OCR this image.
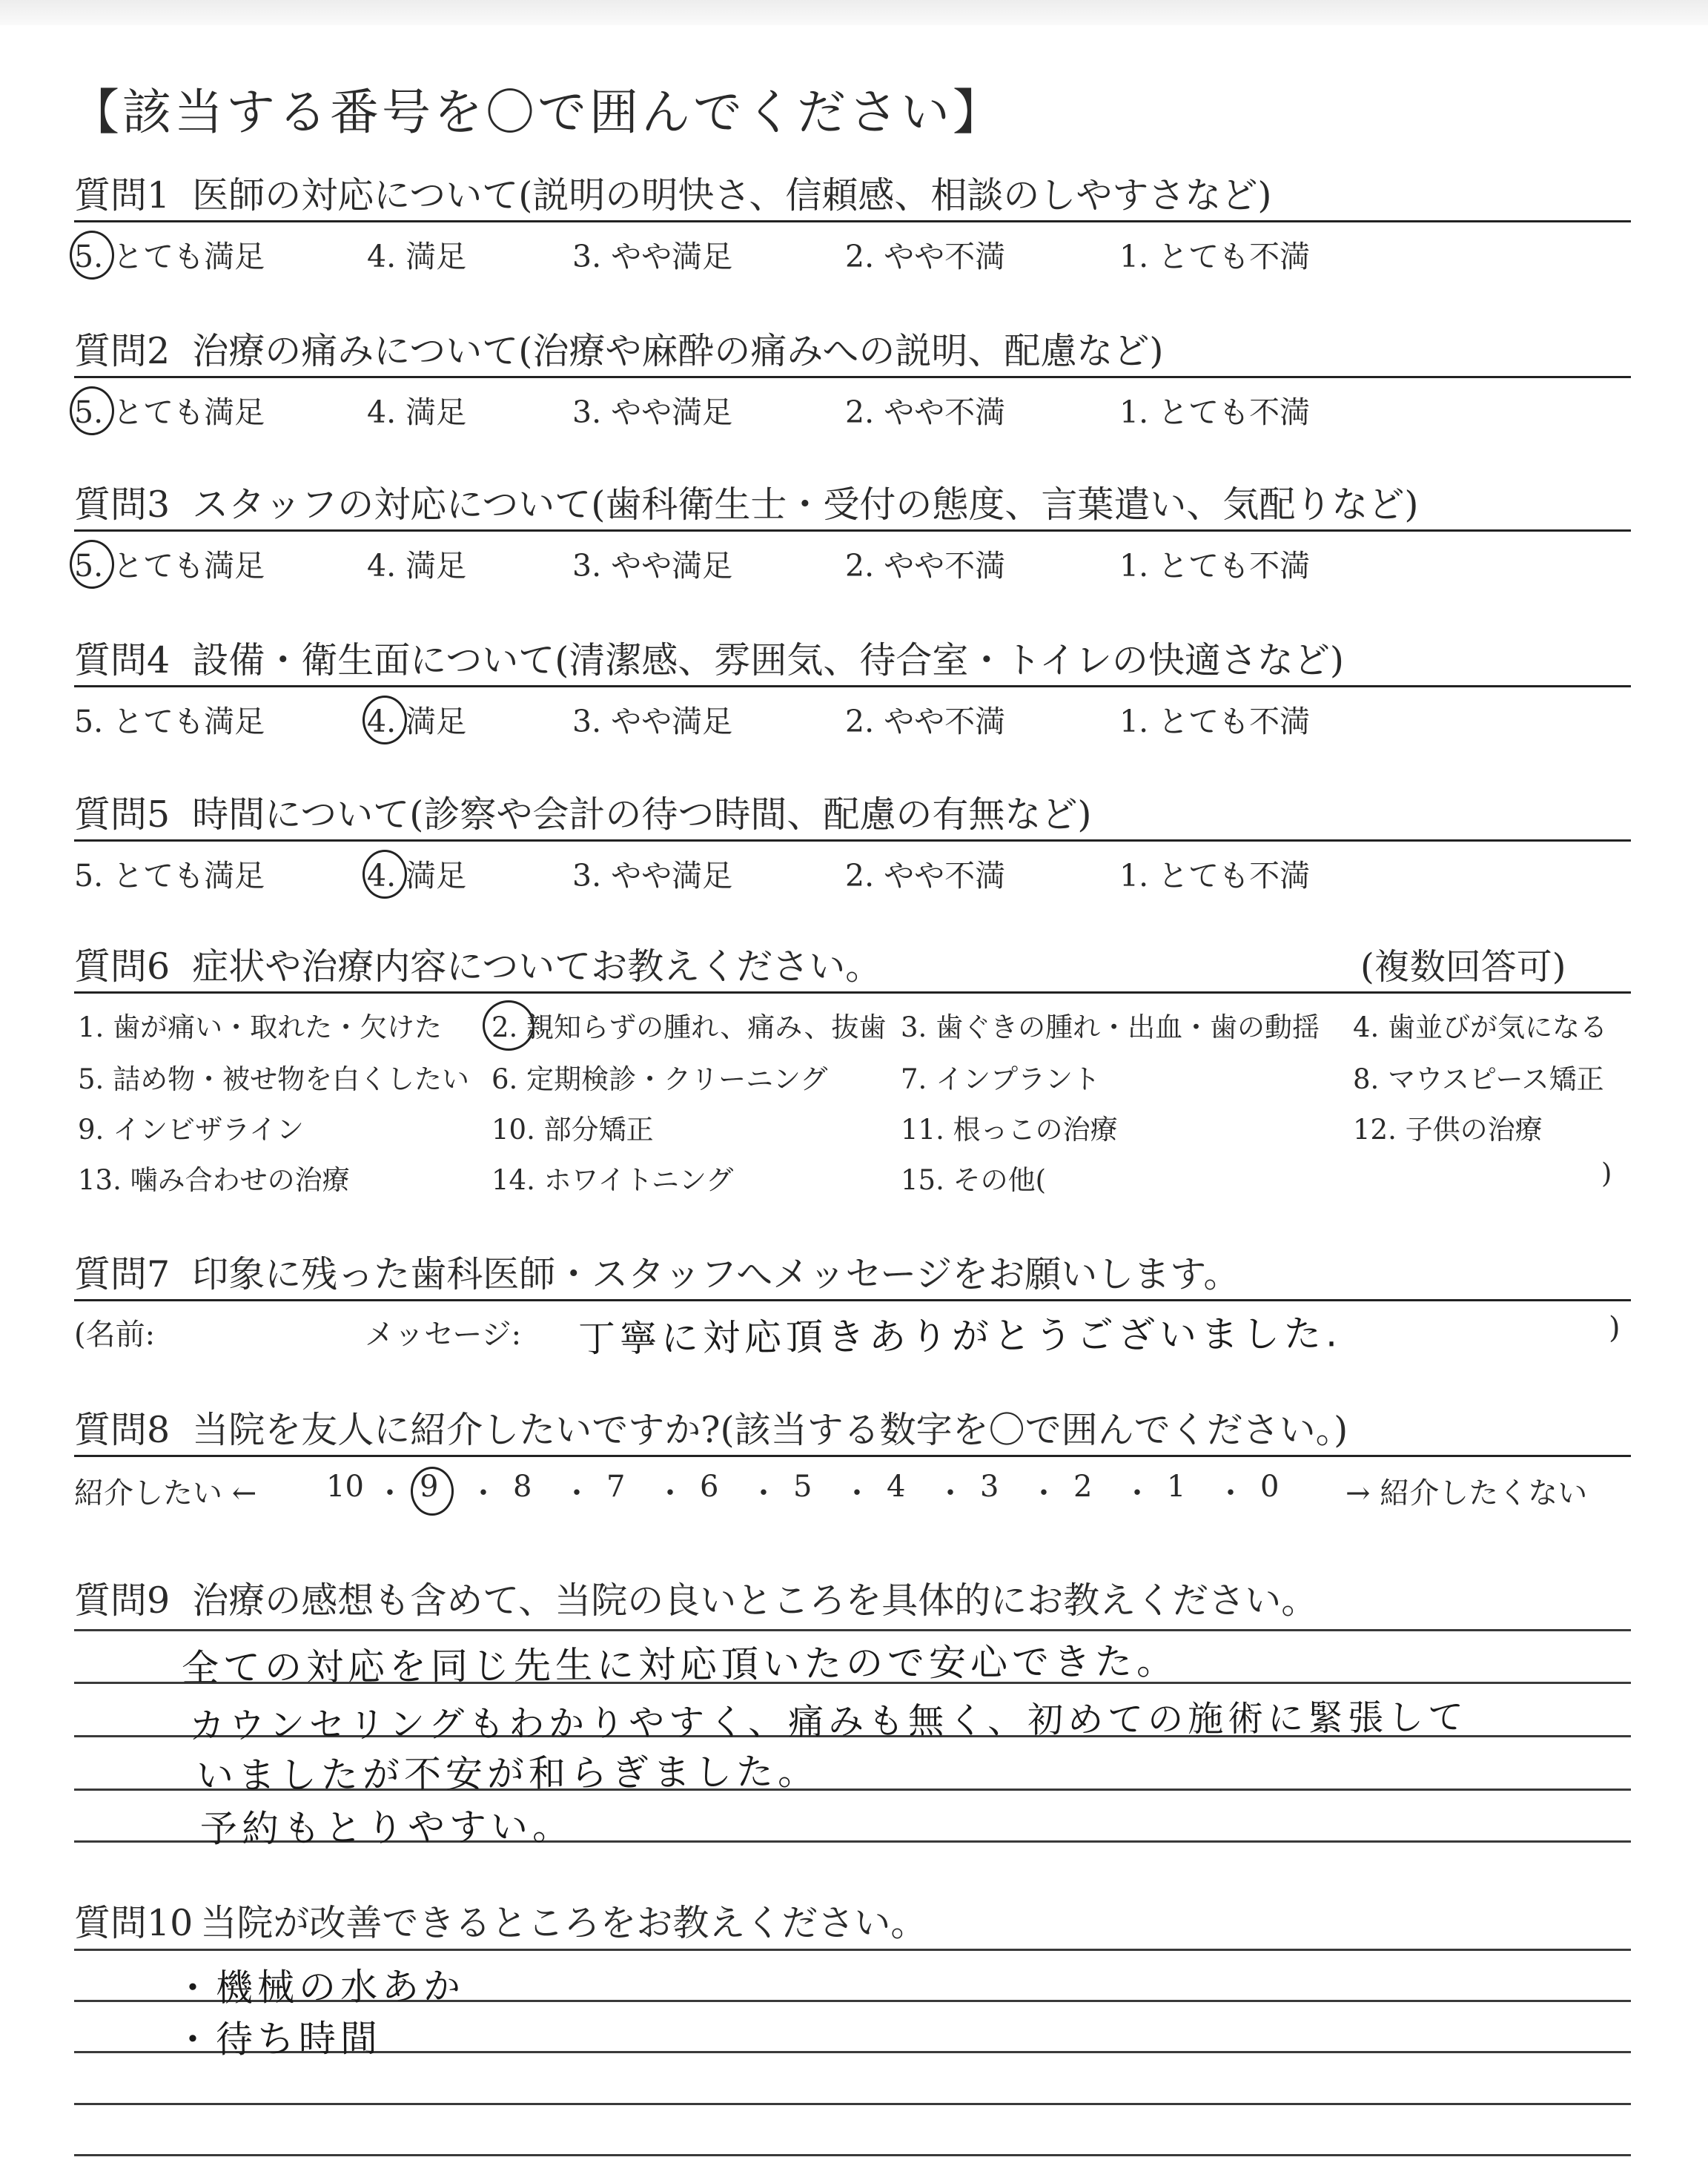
【該当する番号を〇で囲んでください】
質問1 医師の対応について(説明の明快さ、信頼感、相談のしやすさなど)
5. とても満足	4. 満足	3. やや満足	2. やや不満	1. とても不満
質問2 治療の痛みについて(治療や麻酔の痛みへの説明、配慮など)
5. とても満足	4. 満足	3. やや満足	2. やや不満	1. とても不満
質問3 スタッフの対応について(歯科衛生士・受付の態度、言葉遣い、気配りなど)
5. とても満足	4. 満足	3. やや満足	2. やや不満	1. とても不満
質問4 設備・衛生面について(清潔感、雰囲気、待合室・トイレの快適さなど)
5. とても満足	4. 満足	3. やや満足	2. やや不満	1. とても不満
質問5 時間について(診察や会計の待つ時間、配慮の有無など)
5. とても満足	4. 満足	3. やや満足	2. やや不満	1. とても不満
質問6 症状や治療内容についてお教えください。	(複数回答可)
1. 歯が痛い・取れた・欠けた 2. 親知らずの腫れ、痛み、抜歯 3. 歯ぐきの腫れ・出血・歯の動揺 4. 歯並びが気になる
5. 詰め物・被せ物を白くしたい 6. 定期検診・クリーニング	7. インプラント	8. マウスピース矯正
9. インビザライン	10. 部分矯正	11. 根っこの治療	12. 子供の治療
13. 噛み合わせの治療	14. ホワイトニング	15. その他(	)
質問7 印象に残った歯科医師・スタッフへメッセージをお願いします。
(名前:	メッセージ: 丁寧に対応頂きありがとうございました.	)
質問8 当院を友人に紹介したいですか?(該当する数字を〇で囲んでください。)
紹介したい ← 10 ・ 9 ・ 8 ・ 7 ・ 6 ・ 5 ・ 4 ・ 3 ・ 2 ・ 1 ・ 0 → 紹介したくない
質問9 治療の感想も含めて、当院の良いところを具体的にお教えください。
全ての対応を同じ先生に対応頂いたので安心できた。
カウンセリングもわかりやすく、痛みも無く、初めての施術に緊張して
いましたが不安が和らぎました。
予約もとりやすい。
質問10 当院が改善できるところをお教えください。
・機械の水あか
・待ち時間
